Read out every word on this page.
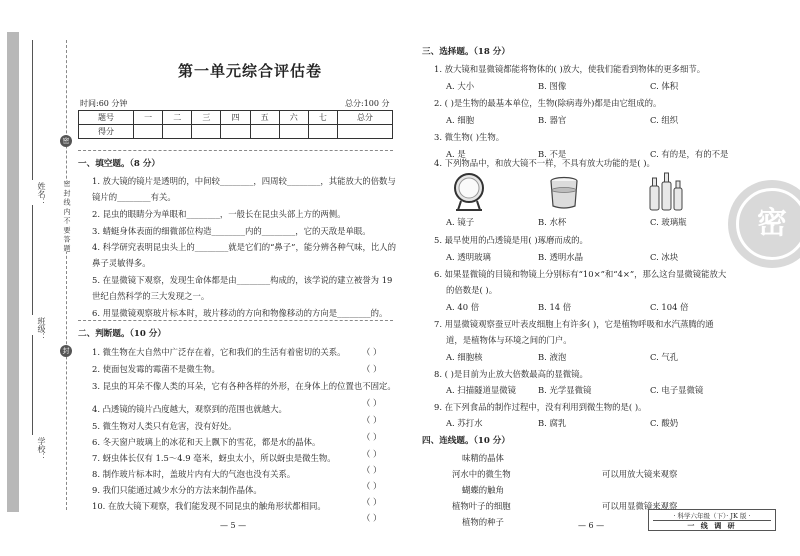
姓名：
班级：
学校：
密
密 封 线 内 不 要 答 题
封
第一单元综合评估卷
时间:60 分钟	总分:100 分
题号	一	二	三	四	五	六	七	总分
得分								
一、填空题。（8 分）
1. 放大镜的镜片是透明的，中间较________，四周较________，其能放大的倍数与
镜片的________有关。
2. 昆虫的眼睛分为单眼和________，一般长在昆虫头部上方的两侧。
3. 蜻蜓身体表面的细微部位构造________内的________，它的天敌是单眼。
4. 科学研究表明昆虫头上的________就是它们的“鼻子”，能分辨各种气味，比人的
鼻子灵敏得多。
5. 在显微镜下观察，发现生命体都是由________构成的，该学说的建立被誉为 19
世纪自然科学的三大发现之一。
6. 用显微镜观察玻片标本时，玻片移动的方向和物像移动的方向是________的。
二、判断题。（10 分）
1. 微生物在大自然中广泛存在着，它和我们的生活有着密切的关系。 （ ）
2. 使面包发霉的霉菌不是微生物。	（ ）
3. 昆虫的耳朵不像人类的耳朵，它有各种各样的外形，在身体上的位置也不固定。
（ ）
4. 凸透镜的镜片凸度越大，观察到的范围也就越大。
（ ）
5. 微生物对人类只有危害，没有好处。
（ ）
6. 冬天窗户玻璃上的冰花和天上飘下的雪花，都是水的晶体。
（ ）
7. 蚜虫体长仅有 1.5～4.9 毫米，蚜虫太小，所以蚜虫是微生物。
（ ）
8. 制作玻片标本时，盖玻片内有大的气泡也没有关系。
（ ）
9. 我们只能通过减少水分的方法来制作晶体。
（ ）
10. 在放大镜下观察，我们能发现不同昆虫的触角形状都相同。
（ ）
— 5 —
三、选择题。（18 分）
1. 放大镜和显微镜都能将物体的( )放大，使我们能看到物体的更多细节。
A. 大小	B. 图像	C. 体积
2. ( )是生物的最基本单位，生物(除病毒外)都是由它组成的。
A. 细胞	B. 器官	C. 组织
3. 微生物( )生物。
A. 是	B. 不是	C. 有的是，有的不是
4. 下列物品中，和放大镜不一样，不具有放大功能的是( )。
A. 镜子	B. 水杯	C. 玻璃瓶
5. 最早使用的凸透镜是用( )琢磨而成的。
A. 透明玻璃	B. 透明水晶	C. 冰块
6. 如果显微镜的目镜和物镜上分别标有“10×”和“4×”，那么这台显微镜能放大
的倍数是( )。
A. 40 倍	B. 14 倍	C. 104 倍
7. 用显微镜观察蚕豆叶表皮细胞上有许多( )，它是植物呼吸和水汽蒸腾的通
道，是植物体与环境之间的门户。
A. 细胞核	B. 液泡	C. 气孔
8. ( )是目前为止放大倍数最高的显微镜。
A. 扫描隧道显微镜	B. 光学显微镜	C. 电子显微镜
9. 在下列食品的制作过程中，没有利用到微生物的是( )。
A. 苏打水	B. 腐乳	C. 酸奶
四、连线题。（10 分）
味精的晶体
河水中的微生物
蝴蝶的触角
植物叶子的细胞
植物的种子
可以用放大镜来观察
可以用显微镜来观察
— 6 —
· 科学六年级（下）· JK 版 ·
一 线 调 研
密
